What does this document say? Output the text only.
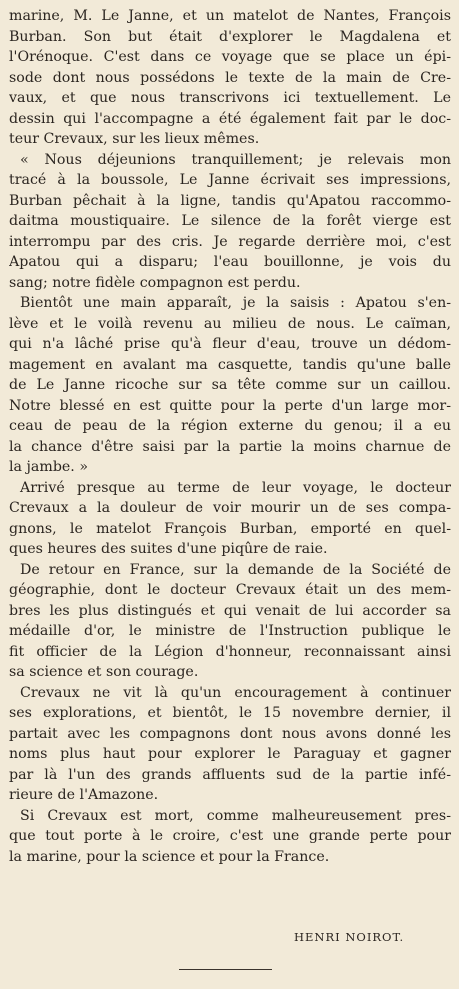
marine, M. Le Janne, et un matelot de Nantes, François
Burban. Son but était d'explorer le Magdalena et
l'Orénoque. C'est dans ce voyage que se place un épi-
sode dont nous possédons le texte de la main de Cre-
vaux, et que nous transcrivons ici textuellement. Le
dessin qui l'accompagne a été également fait par le doc-
teur Crevaux, sur les lieux mêmes.
« Nous déjeunions tranquillement; je relevais mon
tracé à la boussole, Le Janne écrivait ses impressions,
Burban pêchait à la ligne, tandis qu'Apatou raccommo-
daitma moustiquaire. Le silence de la forêt vierge est
interrompu par des cris. Je regarde derrière moi, c'est
Apatou qui a disparu; l'eau bouillonne, je vois du
sang; notre fidèle compagnon est perdu.
Bientôt une main apparaît, je la saisis : Apatou s'en-
lève et le voilà revenu au milieu de nous. Le caïman,
qui n'a lâché prise qu'à fleur d'eau, trouve un dédom-
magement en avalant ma casquette, tandis qu'une balle
de Le Janne ricoche sur sa tête comme sur un caillou.
Notre blessé en est quitte pour la perte d'un large mor-
ceau de peau de la région externe du genou; il a eu
la chance d'être saisi par la partie la moins charnue de
la jambe. »
Arrivé presque au terme de leur voyage, le docteur
Crevaux a la douleur de voir mourir un de ses compa-
gnons, le matelot François Burban, emporté en quel-
ques heures des suites d'une piqûre de raie.
De retour en France, sur la demande de la Société de
géographie, dont le docteur Crevaux était un des mem-
bres les plus distingués et qui venait de lui accorder sa
médaille d'or, le ministre de l'Instruction publique le
fit officier de la Légion d'honneur, reconnaissant ainsi
sa science et son courage.
Crevaux ne vit là qu'un encouragement à continuer
ses explorations, et bientôt, le 15 novembre dernier, il
partait avec les compagnons dont nous avons donné les
noms plus haut pour explorer le Paraguay et gagner
par là l'un des grands affluents sud de la partie infé-
rieure de l'Amazone.
Si Crevaux est mort, comme malheureusement pres-
que tout porte à le croire, c'est une grande perte pour
la marine, pour la science et pour la France.
HENRI NOIROT.
